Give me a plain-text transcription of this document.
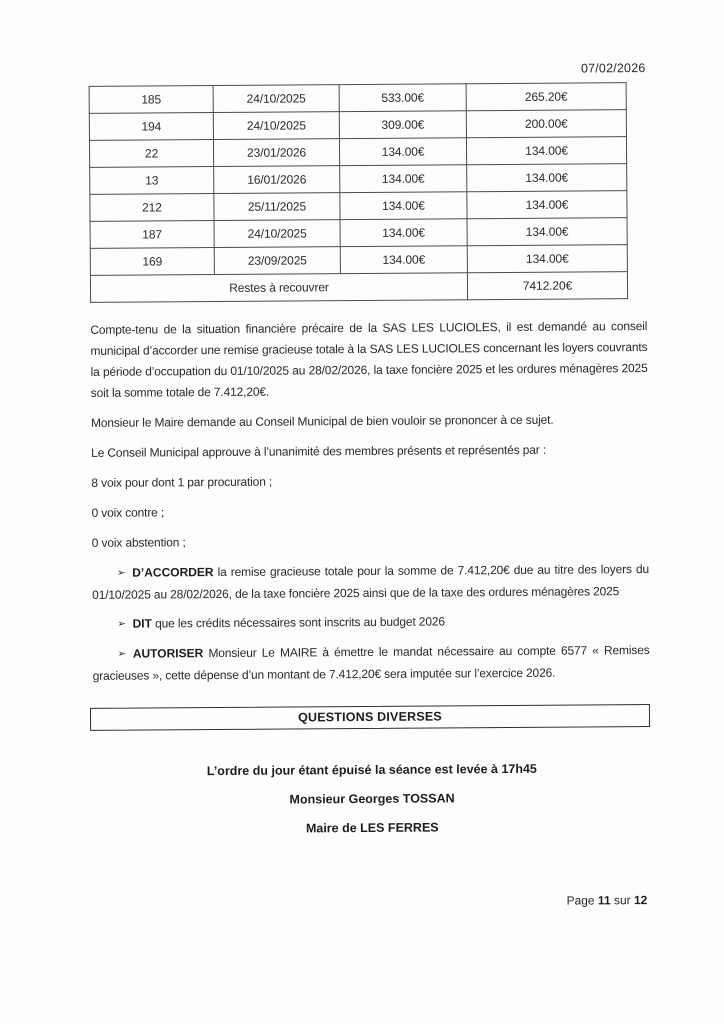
07/02/2026
185	24/10/2025	533.00€	265.20€
194	24/10/2025	309.00€	200.00€
22	23/01/2026	134.00€	134.00€
13	16/01/2026	134.00€	134.00€
212	25/11/2025	134.00€	134.00€
187	24/10/2025	134.00€	134.00€
169	23/09/2025	134.00€	134.00€
Restes à recouvrer			7412.20€

Compte-tenu de la situation financière précaire de la SAS LES LUCIOLES, il est demandé au conseil municipal d’accorder une remise gracieuse totale à la SAS LES LUCIOLES concernant les loyers couvrants la période d’occupation du 01/10/2025 au 28/02/2026, la taxe foncière 2025 et les ordures ménagères 2025 soit la somme totale de 7.412,20€.

Monsieur le Maire demande au Conseil Municipal de bien vouloir se prononcer à ce sujet.

Le Conseil Municipal approuve à l’unanimité des membres présents et représentés par :

8 voix pour dont 1 par procuration ;

0 voix contre ;

0 voix abstention ;

➢ D’ACCORDER la remise gracieuse totale pour la somme de 7.412,20€ due au titre des loyers du 01/10/2025 au 28/02/2026, de la taxe foncière 2025 ainsi que de la taxe des ordures ménagères 2025

➢ DIT que les crédits nécessaires sont inscrits au budget 2026

➢ AUTORISER Monsieur Le MAIRE à émettre le mandat nécessaire au compte 6577 « Remises gracieuses », cette dépense d’un montant de 7.412,20€ sera imputée sur l’exercice 2026.

QUESTIONS DIVERSES

L’ordre du jour étant épuisé la séance est levée à 17h45

Monsieur Georges TOSSAN

Maire de LES FERRES

Page 11 sur 12
